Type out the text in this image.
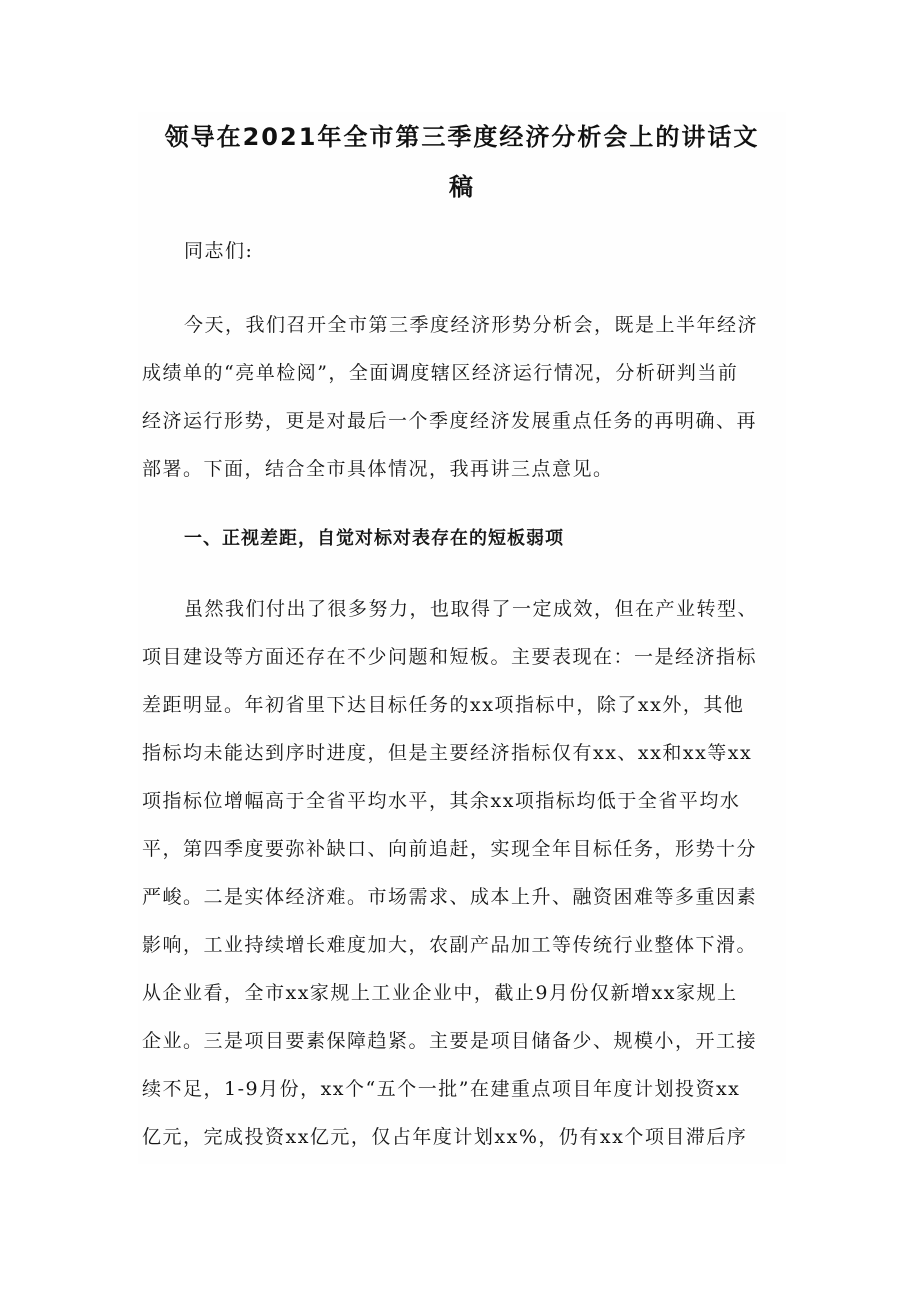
领导在2021年全市第三季度经济分析会上的讲话文
稿
同志们:
今天，我们召开全市第三季度经济形势分析会，既是上半年经济
成绩单的“亮单检阅”，全面调度辖区经济运行情况，分析研判当前
经济运行形势，更是对最后一个季度经济发展重点任务的再明确、再
部署。下面，结合全市具体情况，我再讲三点意见。
一、正视差距，自觉对标对表存在的短板弱项
虽然我们付出了很多努力，也取得了一定成效，但在产业转型、
项目建设等方面还存在不少问题和短板。主要表现在：一是经济指标
差距明显。年初省里下达目标任务的xx项指标中，除了xx外，其他
指标均未能达到序时进度，但是主要经济指标仅有xx、xx和xx等xx
项指标位增幅高于全省平均水平，其余xx项指标均低于全省平均水
平，第四季度要弥补缺口、向前追赶，实现全年目标任务，形势十分
严峻。二是实体经济难。市场需求、成本上升、融资困难等多重因素
影响，工业持续增长难度加大，农副产品加工等传统行业整体下滑。
从企业看，全市xx家规上工业企业中，截止9月份仅新增xx家规上
企业。三是项目要素保障趋紧。主要是项目储备少、规模小，开工接
续不足，1-9月份，xx个“五个一批”在建重点项目年度计划投资xx
亿元，完成投资xx亿元，仅占年度计划xx%，仍有xx个项目滞后序
